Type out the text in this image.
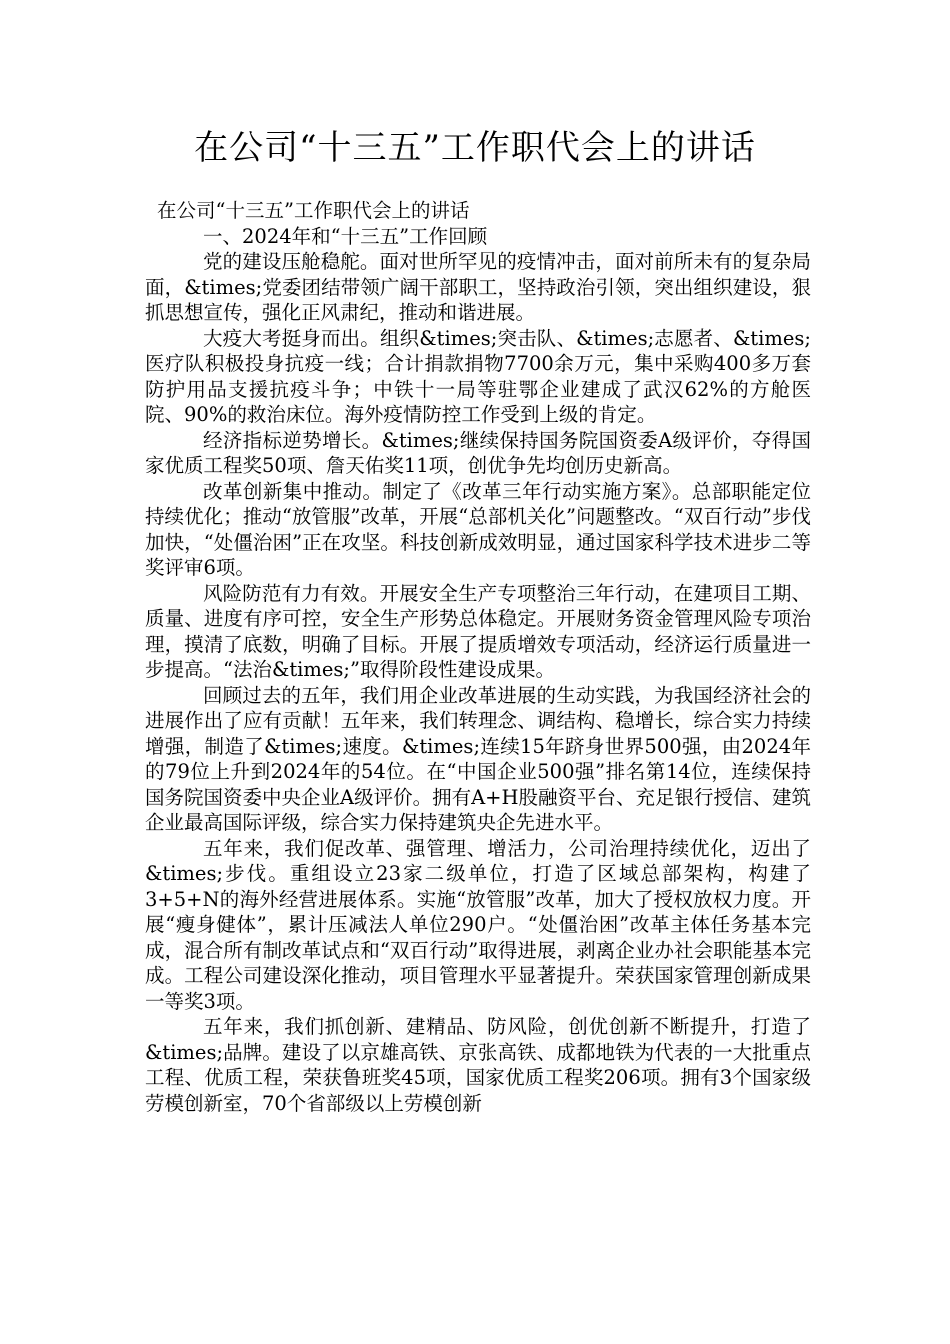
在公司“十三五”工作职代会上的讲话

在公司“十三五”工作职代会上的讲话

一、2024年和“十三五”工作回顾

党的建设压舱稳舵。面对世所罕见的疫情冲击，面对前所未有的复杂局面，&times;党委团结带领广阔干部职工，坚持政治引领，突出组织建设，狠抓思想宣传，强化正风肃纪，推动和谐进展。

大疫大考挺身而出。组织&times;突击队、&times;志愿者、&times;医疗队积极投身抗疫一线；合计捐款捐物7700余万元，集中采购400多万套防护用品支援抗疫斗争；中铁十一局等驻鄂企业建成了武汉62%的方舱医院、90%的救治床位。海外疫情防控工作受到上级的肯定。

经济指标逆势增长。&times;继续保持国务院国资委A级评价，夺得国家优质工程奖50项、詹天佑奖11项，创优争先均创历史新高。

改革创新集中推动。制定了《改革三年行动实施方案》。总部职能定位持续优化；推动“放管服”改革，开展“总部机关化”问题整改。“双百行动”步伐加快，“处僵治困”正在攻坚。科技创新成效明显，通过国家科学技术进步二等奖评审6项。

风险防范有力有效。开展安全生产专项整治三年行动，在建项目工期、质量、进度有序可控，安全生产形势总体稳定。开展财务资金管理风险专项治理，摸清了底数，明确了目标。开展了提质增效专项活动，经济运行质量进一步提高。“法治&times;”取得阶段性建设成果。

回顾过去的五年，我们用企业改革进展的生动实践，为我国经济社会的进展作出了应有贡献！五年来，我们转理念、调结构、稳增长，综合实力持续增强，制造了&times;速度。&times;连续15年跻身世界500强，由2024年的79位上升到2024年的54位。在“中国企业500强”排名第14位，连续保持国务院国资委中央企业A级评价。拥有A+H股融资平台、充足银行授信、建筑企业最高国际评级，综合实力保持建筑央企先进水平。

五年来，我们促改革、强管理、增活力，公司治理持续优化，迈出了&times;步伐。重组设立23家二级单位，打造了区域总部架构，构建了3+5+N的海外经营进展体系。实施“放管服”改革，加大了授权放权力度。开展“瘦身健体”，累计压减法人单位290户。“处僵治困”改革主体任务基本完成，混合所有制改革试点和“双百行动”取得进展，剥离企业办社会职能基本完成。工程公司建设深化推动，项目管理水平显著提升。荣获国家管理创新成果一等奖3项。

五年来，我们抓创新、建精品、防风险，创优创新不断提升，打造了&times;品牌。建设了以京雄高铁、京张高铁、成都地铁为代表的一大批重点工程、优质工程，荣获鲁班奖45项，国家优质工程奖206项。拥有3个国家级劳模创新室，70个省部级以上劳模创新
